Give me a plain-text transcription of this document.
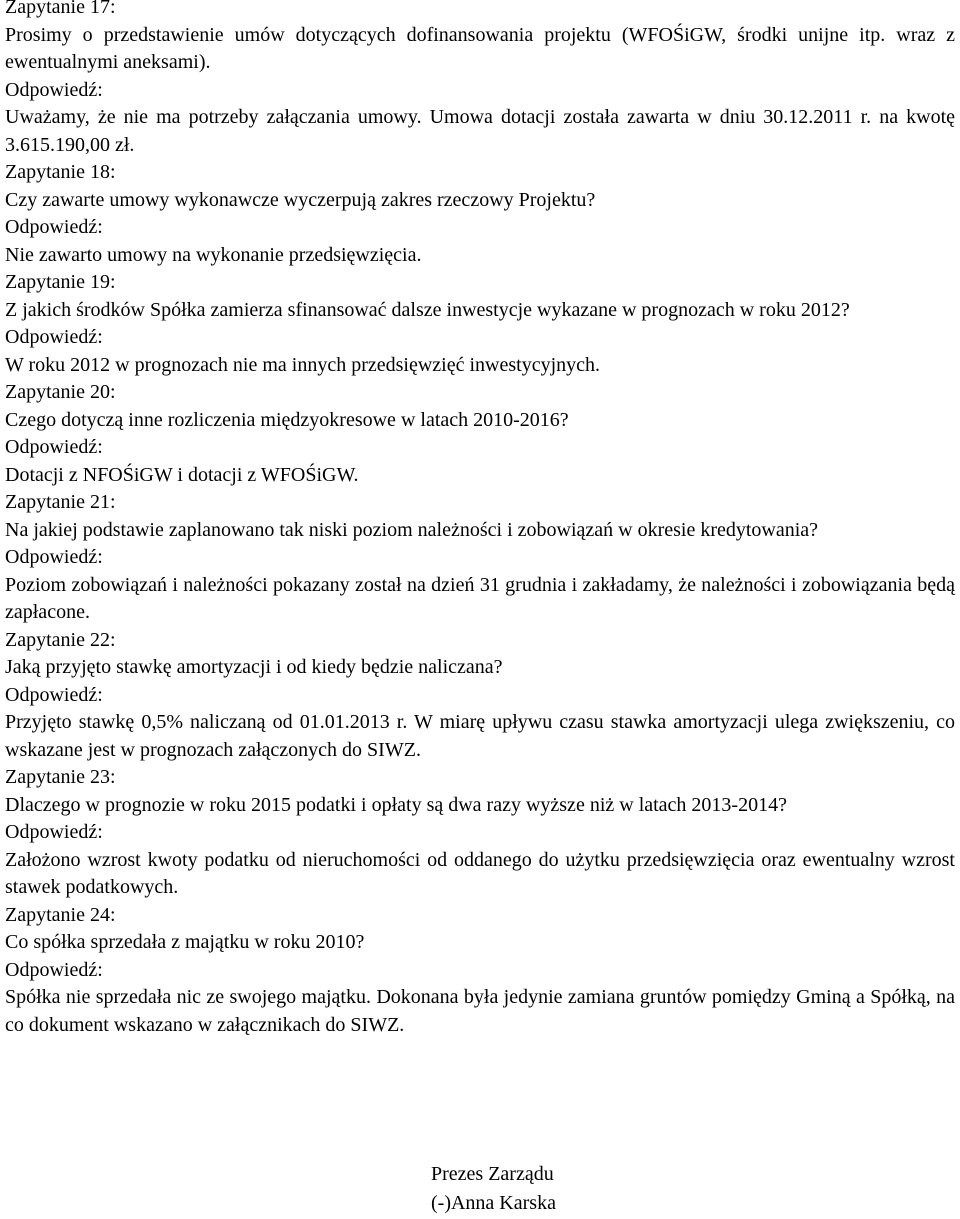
Zapytanie 17:
Prosimy o przedstawienie umów dotyczących dofinansowania projektu (WFOŚiGW, środki unijne itp. wraz z ewentualnymi aneksami).
Odpowiedź:
Uważamy, że nie ma potrzeby załączania umowy. Umowa dotacji została zawarta w dniu 30.12.2011 r. na kwotę 3.615.190,00 zł.
Zapytanie 18:
Czy zawarte umowy wykonawcze wyczerpują zakres rzeczowy Projektu?
Odpowiedź:
Nie zawarto umowy na wykonanie przedsięwzięcia.
Zapytanie 19:
Z jakich środków Spółka zamierza sfinansować dalsze inwestycje wykazane w prognozach w roku 2012?
Odpowiedź:
W roku 2012 w prognozach nie ma innych przedsięwzięć inwestycyjnych.
Zapytanie 20:
Czego dotyczą inne rozliczenia międzyokresowe w latach 2010-2016?
Odpowiedź:
Dotacji z NFOŚiGW i dotacji z WFOŚiGW.
Zapytanie 21:
Na jakiej podstawie zaplanowano tak niski poziom należności i zobowiązań w okresie kredytowania?
Odpowiedź:
Poziom zobowiązań i należności pokazany został na dzień 31 grudnia i zakładamy, że należności i zobowiązania będą zapłacone.
Zapytanie 22:
Jaką przyjęto stawkę amortyzacji i od kiedy będzie naliczana?
Odpowiedź:
Przyjęto stawkę 0,5% naliczaną od 01.01.2013 r. W miarę upływu czasu stawka amortyzacji ulega zwiększeniu, co wskazane jest w prognozach załączonych do SIWZ.
Zapytanie 23:
Dlaczego w prognozie w roku 2015 podatki i opłaty są dwa razy wyższe niż w latach 2013-2014?
Odpowiedź:
Założono wzrost kwoty podatku od nieruchomości od oddanego do użytku przedsięwzięcia oraz ewentualny wzrost stawek podatkowych.
Zapytanie 24:
Co spółka sprzedała z majątku w roku 2010?
Odpowiedź:
Spółka nie sprzedała nic ze swojego majątku. Dokonana była jedynie zamiana gruntów pomiędzy Gminą a Spółką, na co dokument wskazano w załącznikach do SIWZ.
Prezes Zarządu
(-)Anna Karska
